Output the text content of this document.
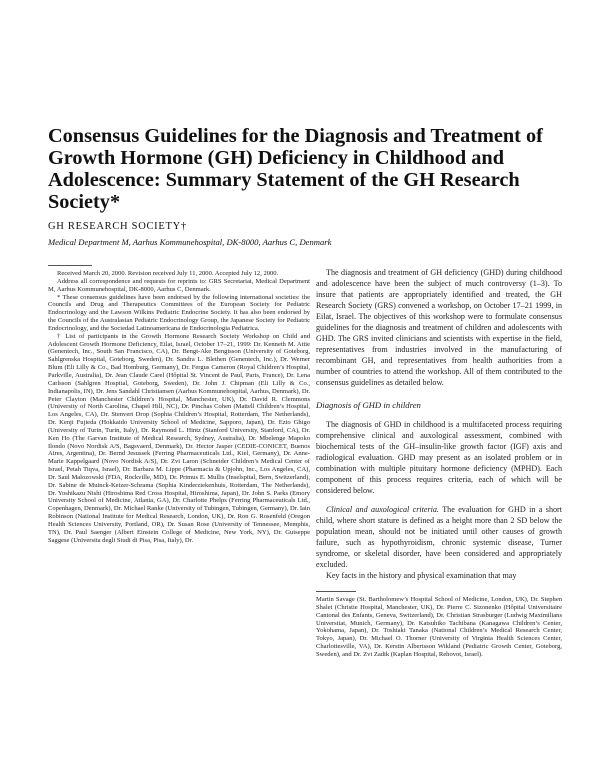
Consensus Guidelines for the Diagnosis and Treatment of Growth Hormone (GH) Deficiency in Childhood and Adolescence: Summary Statement of the GH Research Society*
GH RESEARCH SOCIETY†
Medical Department M, Aarhus Kommunehospital, DK-8000, Aarhus C, Denmark

Received March 20, 2000. Revision received July 11, 2000. Accepted July 12, 2000.

Address all correspondence and requests for reprints to: GRS Secretariat, Medical Department M, Aarhus Kommunehospital, DK-8000, Aarhus C, Denmark.

* These consensus guidelines have been endorsed by the following international societies: the Councils and Drug and Therapeutics Committees of the European Society for Pediatric Endocrinology and the Lawson Wilkins Pediatric Endocrine Society. It has also been endorsed by the Councils of the Australasian Pediatric Endocrinology Group, the Japanese Society for Pediatric Endocrinology, and the Sociedad Latinoamericana de Endocrinologia Pediatrica.

† List of participants in the Growth Hormone Research Society Workshop on Child and Adolescent Growth Hormone Deficiency, Eilat, Israel, October 17–21, 1999: Dr. Kenneth M. Attie (Genentech, Inc., South San Francisco, CA), Dr. Bengt-Ake Bengtsson (University of Goteborg, Sahlgrenska Hospital, Goteborg, Sweden), Dr. Sandra L. Blethen (Genentech, Inc.), Dr. Werner Blum (Eli Lilly & Co., Bad Homburg, Germany), Dr. Fergus Cameron (Royal Children’s Hospital, Parkville, Australia), Dr. Jean Claude Carel (Hôpital St. Vincent de Paul, Paris, France), Dr. Lena Carlsson (Sahlgren Hospital, Goteborg, Sweden), Dr. John J. Chipman (Eli Lilly & Co., Indianapolis, IN), Dr. Jens Sandahl Christiansen (Aarhus Kommunehospital, Aarhus, Denmark), Dr. Peter Clayton (Manchester Children’s Hospital, Manchester, UK), Dr. David R. Clemmons (University of North Carolina, Chapel Hill, NC), Dr. Pinchas Cohen (Mattell Children’s Hospital, Los Angeles, CA), Dr. Stenvert Drop (Sophia Children’s Hospital, Rotterdam, The Netherlands), Dr. Kenji Fujieda (Hokkaido University School of Medicine, Sapporo, Japan), Dr. Ezio Ghigo (University of Turin, Turin, Italy), Dr. Raymond L. Hintz (Stanford University, Stanford, CA), Dr. Ken Ho (The Garvan Institute of Medical Research, Sydney, Australia), Dr. Mbelenge Mapoko Ilondo (Novo Nordisk A/S, Bagsvaerd, Denmark), Dr. Hector Jasper (CEDIE-CONICET, Buenos Aires, Argentina), Dr. Bernd Jesussek (Ferring Pharmaceuticals Ltd., Kiel, Germany), Dr. Anne-Marie Kappelgaard (Novo Nordisk A/S), Dr. Zvi Laron (Schneider Children’s Medical Center of Israel, Petah Tiqva, Israel), Dr. Barbara M. Lippe (Pharmacia & Upjohn, Inc., Los Angeles, CA), Dr. Saul Malozowski (FDA, Rockville, MD), Dr. Primus E. Mullis (Inselspital, Bern, Switzerland), Dr. Sabine de Muinck-Keizer-Schrama (Sophia Kinderziekenhuis, Rotterdam, The Netherlands), Dr. Yoshikazu Nishi (Hiroshima Red Cross Hospital, Hiroshima, Japan), Dr. John S. Parks (Emory University School of Medicine, Atlanta, GA), Dr. Charlotte Phelps (Ferring Pharmaceuticals Ltd., Copenhagen, Denmark), Dr. Michael Ranke (University of Tubingen, Tubingen, Germany), Dr. Iain Robinson (National Institute for Medical Research, London, UK), Dr. Ron G. Rosenfeld (Oregon Health Sciences University, Portland, OR), Dr. Susan Rose (University of Tennessee, Memphis, TN), Dr. Paul Saenger (Albert Einstein College of Medicine, New York, NY), Dr. Guiseppe Saggese (Universita degli Studi di Pisa, Pisa, Italy), Dr.

The diagnosis and treatment of GH deficiency (GHD) during childhood and adolescence have been the subject of much controversy (1–3). To insure that patients are appropriately identified and treated, the GH Research Society (GRS) convened a workshop, on October 17–21 1999, in Eilat, Israel. The objectives of this workshop were to formulate consensus guidelines for the diagnosis and treatment of children and adolescents with GHD. The GRS invited clinicians and scientists with expertise in the field, representatives from industries involved in the manufacturing of recombinant GH, and representatives from health authorities from a number of countries to attend the workshop. All of them contributed to the consensus guidelines as detailed below.

Diagnosis of GHD in children

The diagnosis of GHD in childhood is a multifaceted process requiring comprehensive clinical and auxological assessment, combined with biochemical tests of the GH–insulin-like growth factor (IGF) axis and radiological evaluation. GHD may present as an isolated problem or in combination with multiple pituitary hormone deficiency (MPHD). Each component of this process requires criteria, each of which will be considered below.

Clinical and auxological criteria. The evaluation for GHD in a short child, where short stature is defined as a height more than 2 SD below the population mean, should not be initiated until other causes of growth failure, such as hypothyroidism, chronic systemic disease, Turner syndrome, or skeletal disorder, have been considered and appropriately excluded.

Key facts in the history and physical examination that may

Martin Savage (St. Bartholomew’s Hospital School of Medicine, London, UK), Dr. Stephen Shalet (Christie Hospital, Manchester, UK), Dr. Pierre C. Sizonenko (Hôpital Universitaire Cantonal des Enfants, Geneva, Switzerland), Dr. Christian Strasburger (Ludwig Maximilians Universitat, Munich, Germany), Dr. Katsuhiko Tachibana (Kanagawa Children’s Center, Yokohama, Japan), Dr. Toshiaki Tanaka (National Children’s Medical Research Center, Tokyo, Japan), Dr. Michael O. Thorner (University of Virginia Health Sciences Center, Charlottesville, VA), Dr. Kerstin Albertsson Wikland (Pediatric Growth Center, Goteborg, Sweden), and Dr. Zvi Zadik (Kaplan Hospital, Rehovot, Israel).
